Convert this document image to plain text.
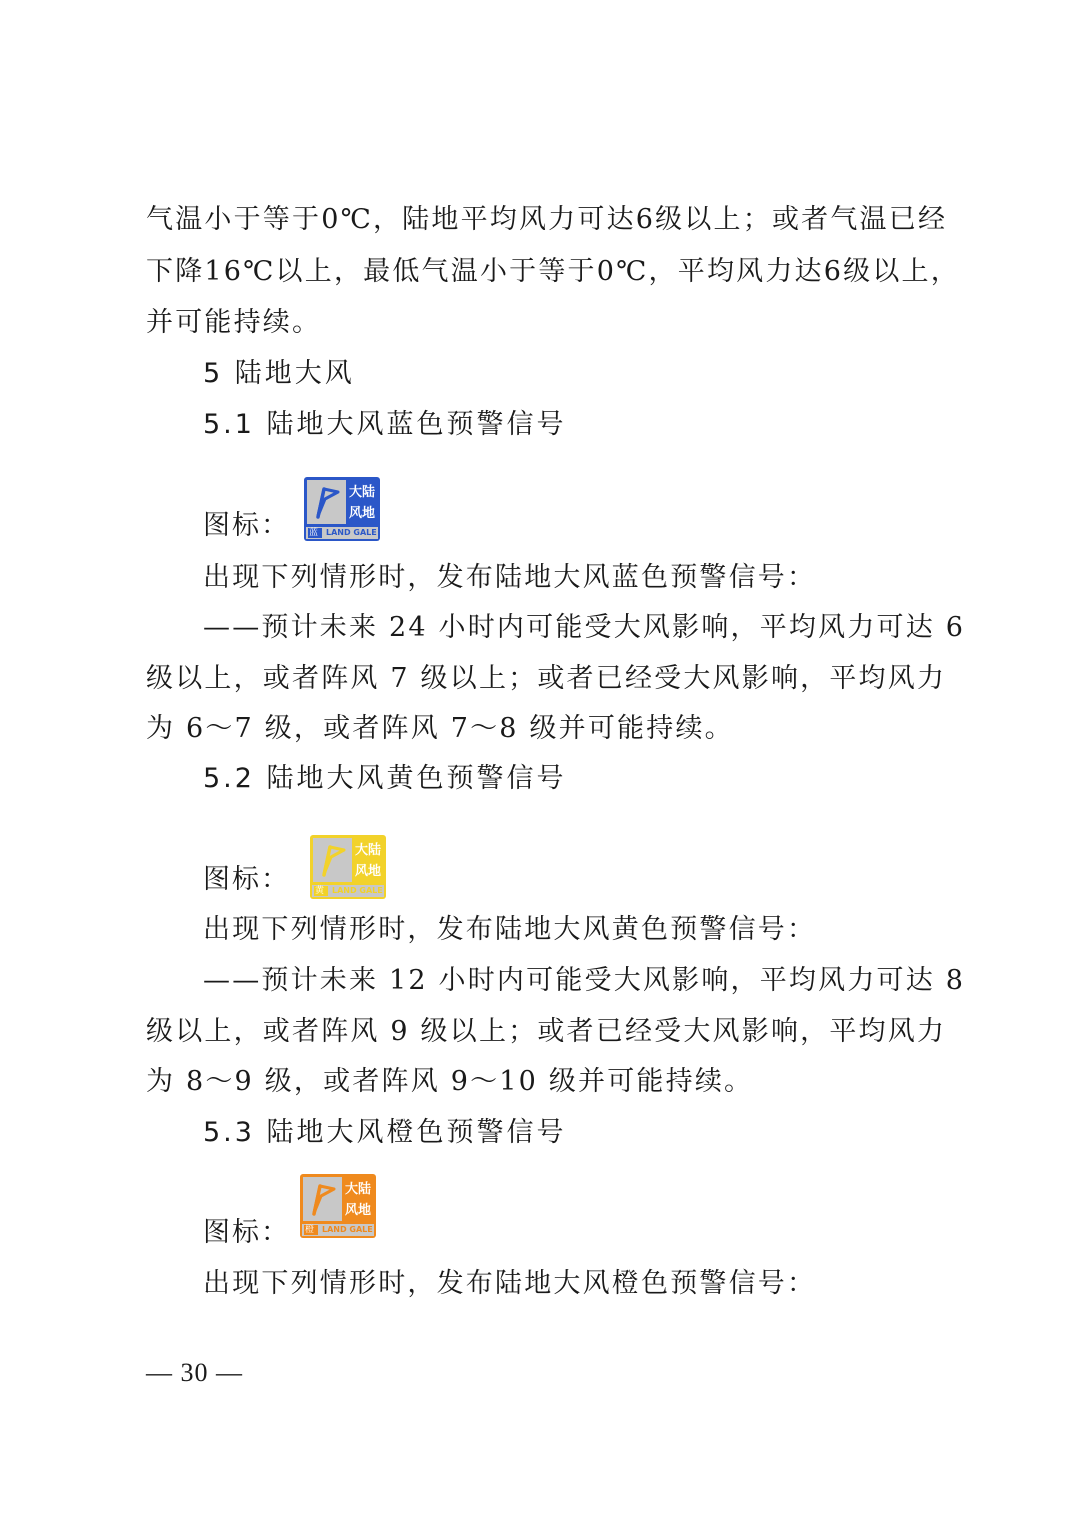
气温小于等于0℃，陆地平均风力可达6级以上；或者气温已经
下降16℃以上，最低气温小于等于0℃，平均风力达6级以上，
并可能持续。
5 陆地大风
5.1 陆地大风蓝色预警信号
图标：
大陆
风地
蓝 LAND GALE
出现下列情形时，发布陆地大风蓝色预警信号：
——预计未来 24 小时内可能受大风影响，平均风力可达 6
级以上，或者阵风 7 级以上；或者已经受大风影响，平均风力
为 6～7 级，或者阵风 7～8 级并可能持续。
5.2 陆地大风黄色预警信号
图标：
大陆
风地
黄 LAND GALE
出现下列情形时，发布陆地大风黄色预警信号：
——预计未来 12 小时内可能受大风影响，平均风力可达 8
级以上，或者阵风 9 级以上；或者已经受大风影响，平均风力
为 8～9 级，或者阵风 9～10 级并可能持续。
5.3 陆地大风橙色预警信号
图标：
大陆
风地
橙 LAND GALE
出现下列情形时，发布陆地大风橙色预警信号：
— 30 —
